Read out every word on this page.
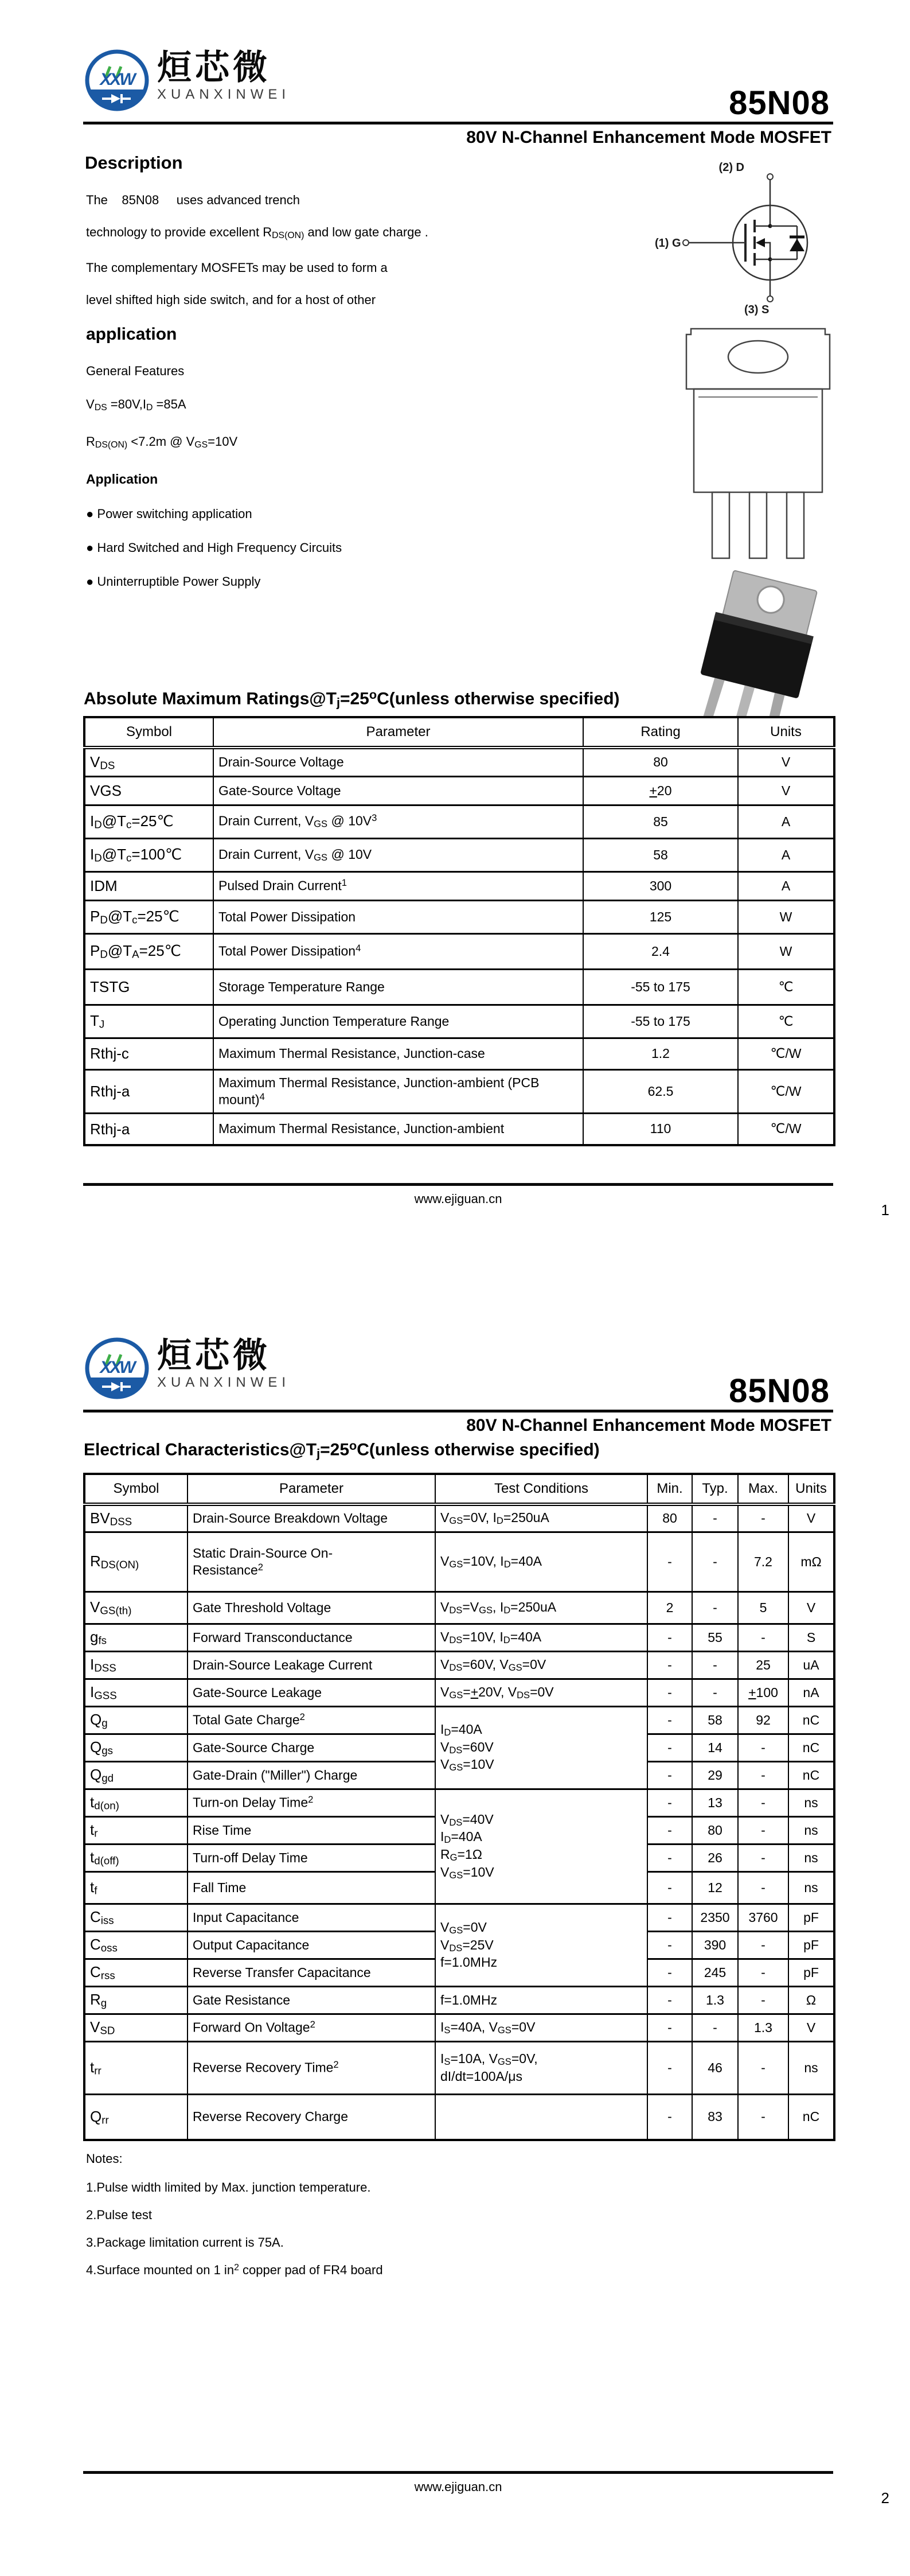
XXW 烜芯微
XUANXINWEI	85N08
80V N-Channel Enhancement Mode MOSFET
Description

The    85N08     uses advanced trench

technology to provide excellent $R_{DS(ON)}$ and low gate charge .

The complementary MOSFETs may be used to form a

level shifted high side switch, and for a host of other

application
General Features

$V_{DS} =80V,I_D =85A$

$R_{DS(ON)} <7.2m$ @ $V_{GS}=10V$

Application

● Power switching application

● Hard Switched and High Frequency Circuits

● Uninterruptible Power Supply

(2) D
(1) G
(3) S
Absolute Maximum $Ratings@T_j=25^oC(unless$ otherwise specified)
Symbol	Parameter	Rating	Units
$V_{DS}$	Drain-Source Voltage	80	V
VGS	Gate-Source Voltage	+20	V
$I_D@T_c=25℃$	Drain Current, $V_{GS}$ @ $10V^3$	85	A
$I_D@T_c=100℃$	Drain Current, $V_{GS}$ @ 10V	58	A
IDM	Pulsed Drain Current$^1$	300	A
$P_D@T_c=25℃$	Total Power Dissipation	125	W
$P_D@T_A=25℃$	Total Power Dissipation$^4$	2.4	W
TSTG	Storage Temperature Range	-55 to 175	℃
$T_J$	Operating Junction Temperature Range	-55 to 175	℃
Rthj-c	Maximum Thermal Resistance, Junction-case	1.2	℃/W
Rthj-a	Maximum Thermal Resistance, Junction-ambient (PCB mount)$^4$	62.5	℃/W
Rthj-a	Maximum Thermal Resistance, Junction-ambient	110	℃/W
www.ejiguan.cn
1
XXW 烜芯微
XUANXINWEI	85N08
80V N-Channel Enhancement Mode MOSFET
Electrical $Characteristics@T_j=25^oC(unless$ otherwise specified)
Symbol	Parameter	Test Conditions	Min.	Typ.	Max.	Units
$BV_{DSS}$	Drain-Source Breakdown Voltage	$V_{GS}=0V$, $I_D=250uA$	80	-	-	V
$R_{DS(ON)}$	Static Drain-Source On-
Resistance$^2$	$V_{GS}=10V$, $I_D=40A$	-	-	7.2	mΩ
$V_{GS(th)}$	Gate Threshold Voltage	$V_{DS}=V_{GS}$, $I_D=250uA$	2	-	5	V
$g_{fs}$	Forward Transconductance	$V_{DS}=10V$, $I_D=40A$	-	55	-	S
$I_{DSS}$	Drain-Source Leakage Current	$V_{DS}=60V$, $V_{GS}=0V$	-	-	25	uA
$I_{GSS}$	Gate-Source Leakage	$V_{GS}=+20V$, $V_{DS}=0V$	-	-	+100	nA
$Q_g$	Total Gate Charge$^2$	$I_D=40A$
$V_{DS}=60V$
$V_{GS}=10V$	-	58	92	nC
$Q_{gs}$	Gate-Source Charge		-	14	-	nC
$Q_{gd}$	Gate-Drain ("Miller") Charge		-	29	-	nC
$t_{d(on)}$	Turn-on Delay Time$^2$	$V_{DS}=40V$
$I_D=40A$
$R_G=1\Omega$
$V_{GS}=10V$	-	13	-	ns
$t_r$	Rise Time		-	80	-	ns
$t_{d(off)}$	Turn-off Delay Time		-	26	-	ns
$t_f$	Fall Time		-	12	-	ns
$C_{iss}$	Input Capacitance	$V_{GS}=0V$
$V_{DS}=25V$
f=1.0MHz	-	2350	3760	pF
$C_{oss}$	Output Capacitance		-	390	-	pF
$C_{rss}$	Reverse Transfer Capacitance		-	245	-	pF
$R_g$	Gate Resistance	f=1.0MHz	-	1.3	-	Ω
$V_{SD}$	Forward On Voltage$^2$	$I_S=40A$, $V_{GS}=0V$	-	-	1.3	V
$t_{rr}$	Reverse Recovery Time$^2$	$I_S=10A$, $V_{GS}=0V$,
dI/dt=100A/μs	-	46	-	ns
$Q_{rr}$	Reverse Recovery Charge		-	83	-	nC

Notes:

1.Pulse width limited by Max. junction temperature.

2.Pulse test

3.Package limitation current is 75A.

4.Surface mounted on 1 $in^2$ copper pad of FR4 board

www.ejiguan.cn
2
